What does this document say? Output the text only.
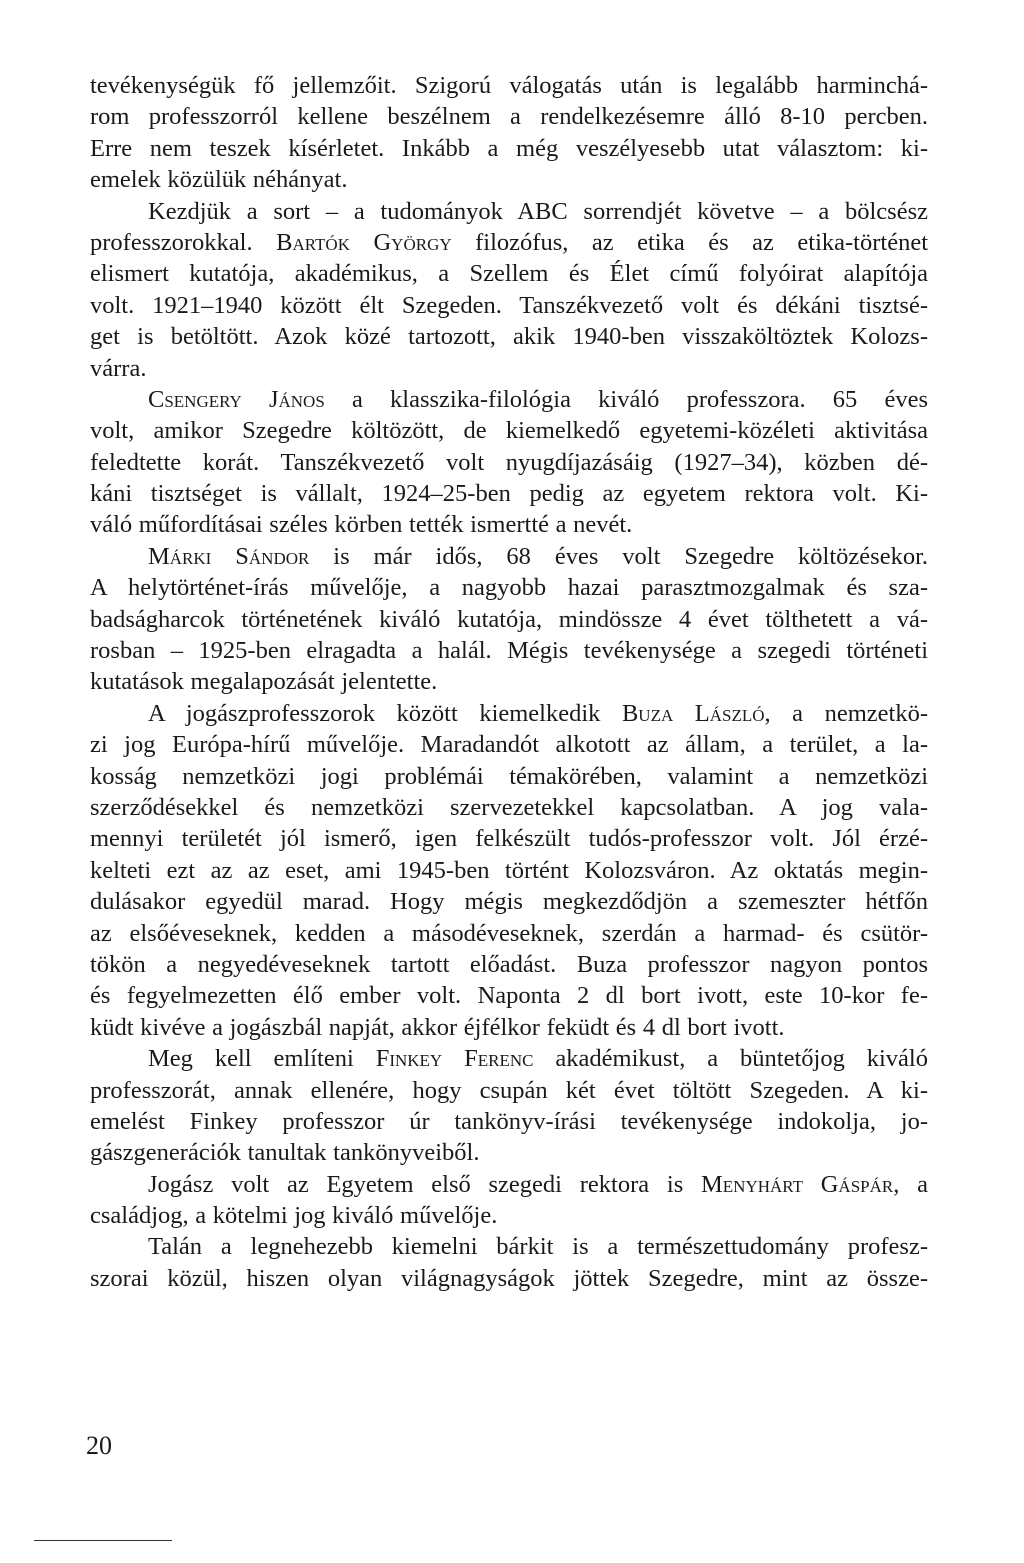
tevékenységük fő jellemzőit. Szigorú válogatás után is legalább harminchá-
rom professzorról kellene beszélnem a rendelkezésemre álló 8-10 percben.
Erre nem teszek kísérletet. Inkább a még veszélyesebb utat választom: ki-
emelek közülük néhányat.
Kezdjük a sort – a tudományok ABC sorrendjét követve – a bölcsész
professzorokkal. Bartók György filozófus, az etika és az etika-történet
elismert kutatója, akadémikus, a Szellem és Élet című folyóirat alapítója
volt. 1921–1940 között élt Szegeden. Tanszékvezető volt és dékáni tisztsé-
get is betöltött. Azok közé tartozott, akik 1940-ben visszaköltöztek Kolozs-
várra.
Csengery János a klasszika-filológia kiváló professzora. 65 éves
volt, amikor Szegedre költözött, de kiemelkedő egyetemi-közéleti aktivitása
feledtette korát. Tanszékvezető volt nyugdíjazásáig (1927–34), közben dé-
káni tisztséget is vállalt, 1924–25-ben pedig az egyetem rektora volt. Ki-
váló műfordításai széles körben tették ismertté a nevét.
Márki Sándor is már idős, 68 éves volt Szegedre költözésekor.
A helytörténet-írás művelője, a nagyobb hazai parasztmozgalmak és sza-
badságharcok történetének kiváló kutatója, mindössze 4 évet tölthetett a vá-
rosban – 1925-ben elragadta a halál. Mégis tevékenysége a szegedi történeti
kutatások megalapozását jelentette.
A jogászprofesszorok között kiemelkedik Buza László, a nemzetkö-
zi jog Európa-hírű művelője. Maradandót alkotott az állam, a terület, a la-
kosság nemzetközi jogi problémái témakörében, valamint a nemzetközi
szerződésekkel és nemzetközi szervezetekkel kapcsolatban. A jog vala-
mennyi területét jól ismerő, igen felkészült tudós-professzor volt. Jól érzé-
kelteti ezt az az eset, ami 1945-ben történt Kolozsváron. Az oktatás megin-
dulásakor egyedül marad. Hogy mégis megkezdődjön a szemeszter hétfőn
az elsőéveseknek, kedden a másodéveseknek, szerdán a harmad- és csütör-
tökön a negyedéveseknek tartott előadást. Buza professzor nagyon pontos
és fegyelmezetten élő ember volt. Naponta 2 dl bort ivott, este 10-kor fe-
küdt kivéve a jogászbál napját, akkor éjfélkor feküdt és 4 dl bort ivott.
Meg kell említeni Finkey Ferenc akadémikust, a büntetőjog kiváló
professzorát, annak ellenére, hogy csupán két évet töltött Szegeden. A ki-
emelést Finkey professzor úr tankönyv-írási tevékenysége indokolja, jo-
gászgenerációk tanultak tankönyveiből.
Jogász volt az Egyetem első szegedi rektora is Menyhárt Gáspár, a
családjog, a kötelmi jog kiváló művelője.
Talán a legnehezebb kiemelni bárkit is a természettudomány profesz-
szorai közül, hiszen olyan világnagyságok jöttek Szegedre, mint az össze-
20
